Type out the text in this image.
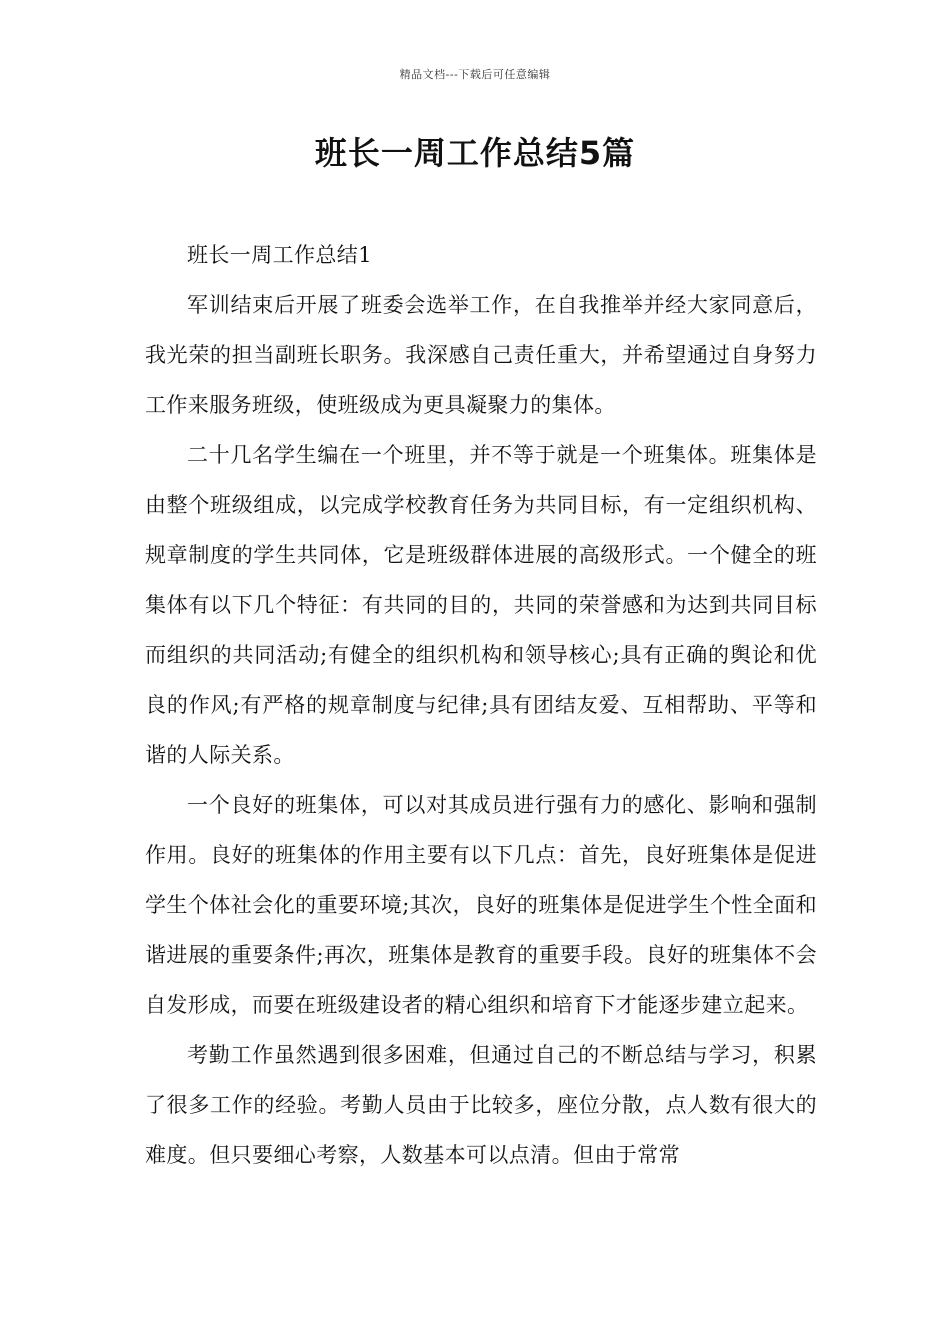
精品文档---下载后可任意编辑
班长一周工作总结5篇

班长一周工作总结1

军训结束后开展了班委会选举工作，在自我推举并经大家同意后，我光荣的担当副班长职务。我深感自己责任重大，并希望通过自身努力工作来服务班级，使班级成为更具凝聚力的集体。

二十几名学生编在一个班里，并不等于就是一个班集体。班集体是由整个班级组成，以完成学校教育任务为共同目标，有一定组织机构、规章制度的学生共同体，它是班级群体进展的高级形式。一个健全的班集体有以下几个特征：有共同的目的，共同的荣誉感和为达到共同目标而组织的共同活动;有健全的组织机构和领导核心;具有正确的舆论和优良的作风;有严格的规章制度与纪律;具有团结友爱、互相帮助、平等和谐的人际关系。

一个良好的班集体，可以对其成员进行强有力的感化、影响和强制作用。良好的班集体的作用主要有以下几点：首先，良好班集体是促进学生个体社会化的重要环境;其次，良好的班集体是促进学生个性全面和谐进展的重要条件;再次，班集体是教育的重要手段。良好的班集体不会自发形成，而要在班级建设者的精心组织和培育下才能逐步建立起来。

考勤工作虽然遇到很多困难，但通过自己的不断总结与学习，积累了很多工作的经验。考勤人员由于比较多，座位分散，点人数有很大的难度。但只要细心考察，人数基本可以点清。但由于常常
